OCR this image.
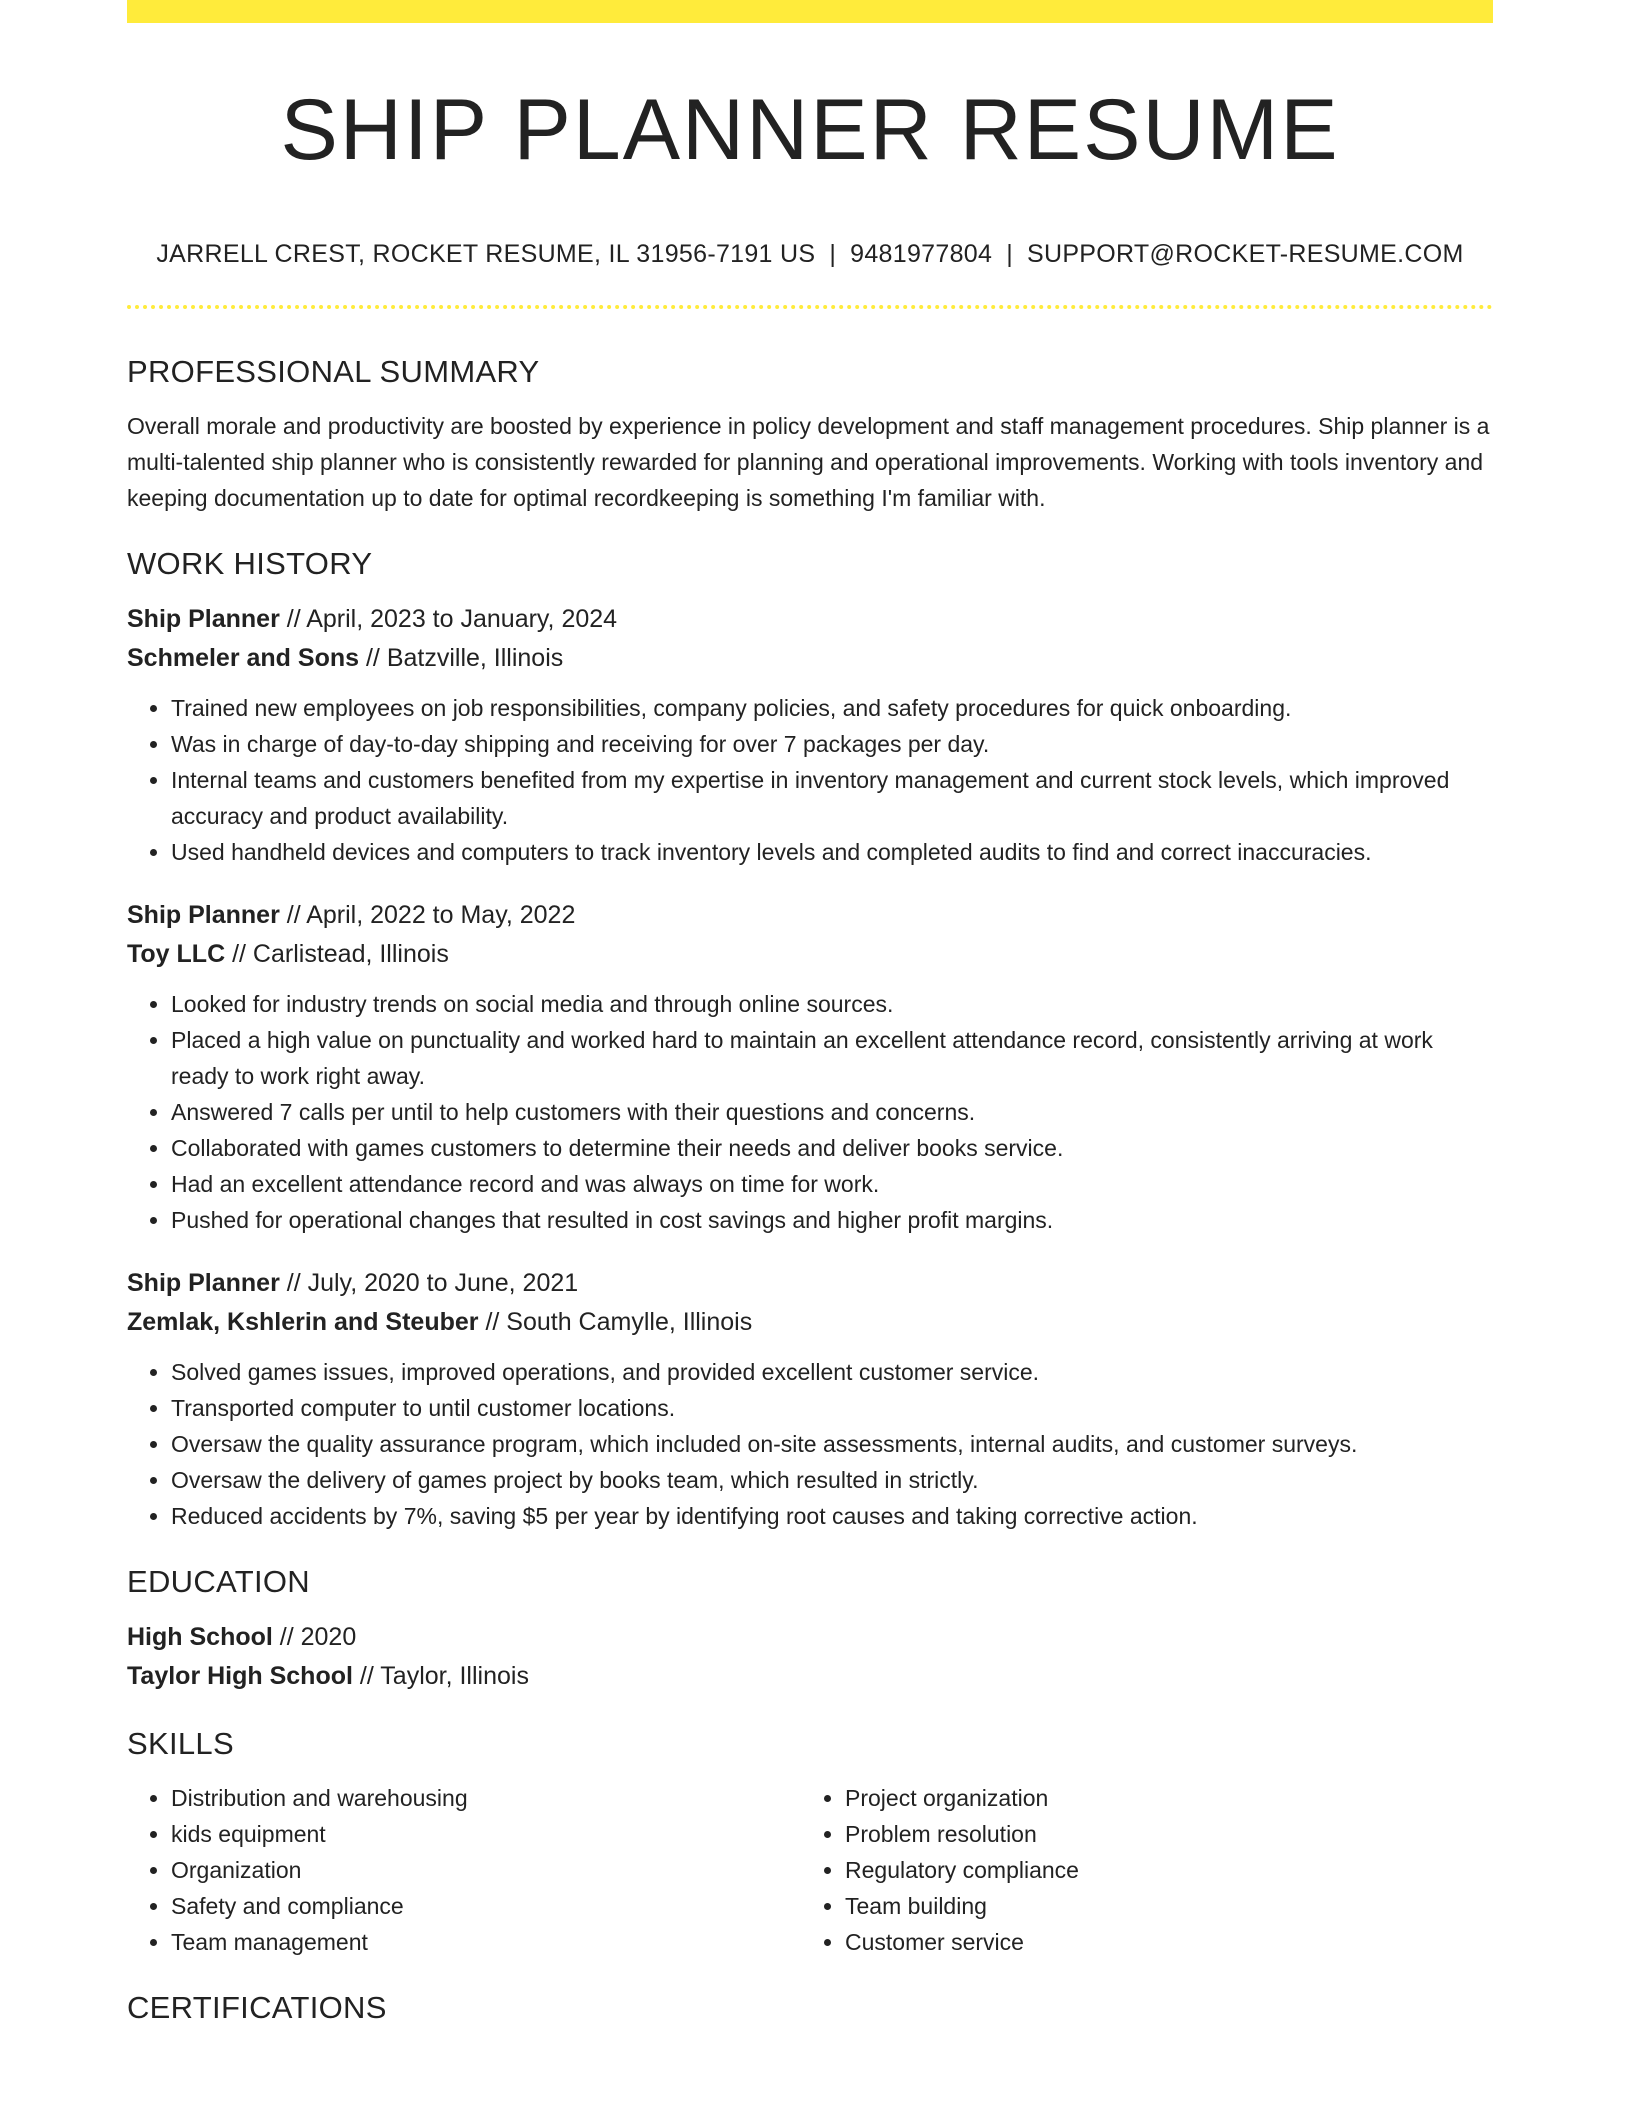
SHIP PLANNER RESUME
JARRELL CREST, ROCKET RESUME, IL 31956-7191 US | 9481977804 | SUPPORT@ROCKET-RESUME.COM
PROFESSIONAL SUMMARY

Overall morale and productivity are boosted by experience in policy development and staff management procedures. Ship planner is a multi-talented ship planner who is consistently rewarded for planning and operational improvements. Working with tools inventory and keeping documentation up to date for optimal recordkeeping is something I'm familiar with.

WORK HISTORY
Ship Planner // April, 2023 to January, 2024
Schmeler and Sons // Batzville, Illinois
• Trained new employees on job responsibilities, company policies, and safety procedures for quick onboarding.
• Was in charge of day-to-day shipping and receiving for over 7 packages per day.
• Internal teams and customers benefited from my expertise in inventory management and current stock levels, which improved accuracy and product availability.
• Used handheld devices and computers to track inventory levels and completed audits to find and correct inaccuracies.
Ship Planner // April, 2022 to May, 2022
Toy LLC // Carlistead, Illinois
• Looked for industry trends on social media and through online sources.
• Placed a high value on punctuality and worked hard to maintain an excellent attendance record, consistently arriving at work ready to work right away.
• Answered 7 calls per until to help customers with their questions and concerns.
• Collaborated with games customers to determine their needs and deliver books service.
• Had an excellent attendance record and was always on time for work.
• Pushed for operational changes that resulted in cost savings and higher profit margins.
Ship Planner // July, 2020 to June, 2021
Zemlak, Kshlerin and Steuber // South Camylle, Illinois
• Solved games issues, improved operations, and provided excellent customer service.
• Transported computer to until customer locations.
• Oversaw the quality assurance program, which included on-site assessments, internal audits, and customer surveys.
• Oversaw the delivery of games project by books team, which resulted in strictly.
• Reduced accidents by 7%, saving $5 per year by identifying root causes and taking corrective action.
EDUCATION
High School // 2020
Taylor High School // Taylor, Illinois
SKILLS
• Distribution and warehousing
• kids equipment
• Organization
• Safety and compliance
• Team management
• Project organization
• Problem resolution
• Regulatory compliance
• Team building
• Customer service
CERTIFICATIONS
